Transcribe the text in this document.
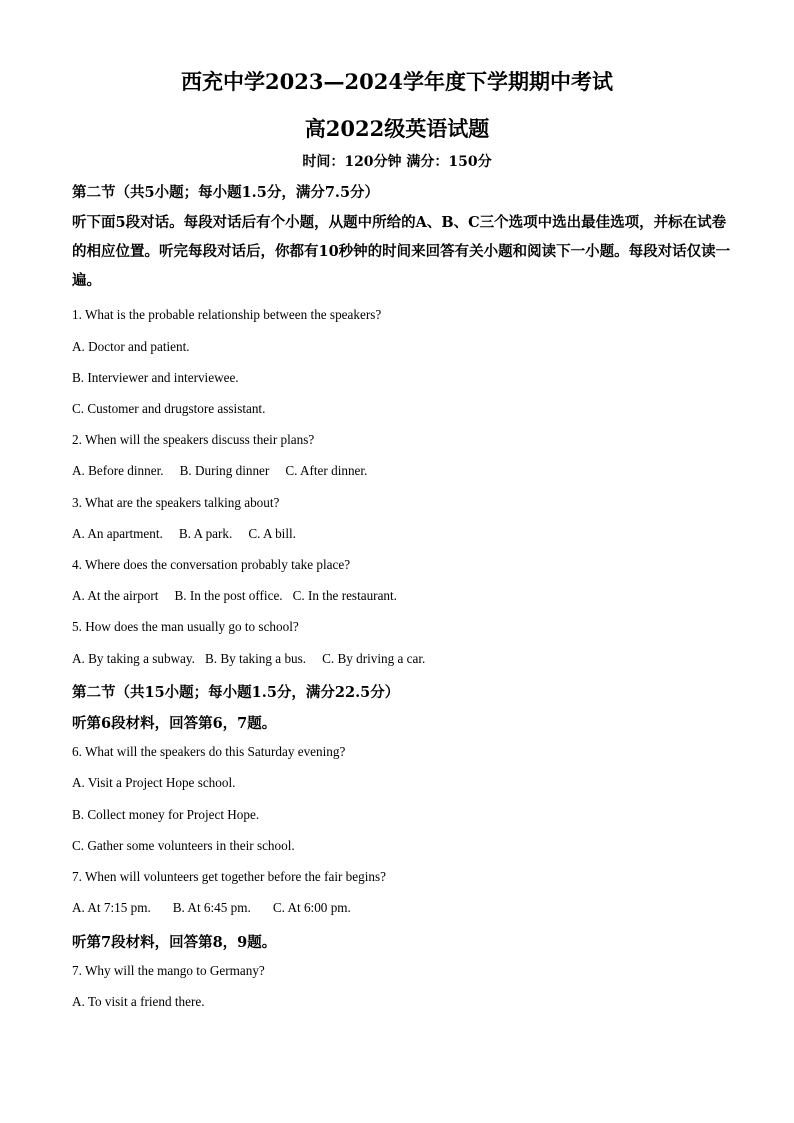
西充中学2023—2024学年度下学期期中考试
高2022级英语试题
时间：120分钟 满分：150分
第二节（共5小题；每小题1.5分，满分7.5分）
听下面5段对话。每段对话后有个小题，从题中所给的A、B、C三个选项中选出最佳选项，并标在试卷的相应位置。听完每段对话后，你都有10秒钟的时间来回答有关小题和阅读下一小题。每段对话仅读一遍。
1. What is the probable relationship between the speakers?
A. Doctor and patient.
B. Interviewer and interviewee.
C. Customer and drugstore assistant.
2. When will the speakers discuss their plans?
A. Before dinner. B. During dinner C. After dinner.
3. What are the speakers talking about?
A. An apartment. B. A park. C. A bill.
4. Where does the conversation probably take place?
A. At the airport B. In the post office. C. In the restaurant.
5. How does the man usually go to school?
A. By taking a subway. B. By taking a bus. C. By driving a car.
第二节（共15小题；每小题1.5分，满分22.5分）
听第6段材料，回答第6，7题。
6. What will the speakers do this Saturday evening?
A. Visit a Project Hope school.
B. Collect money for Project Hope.
C. Gather some volunteers in their school.
7. When will volunteers get together before the fair begins?
A. At 7:15 pm. B. At 6:45 pm. C. At 6:00 pm.
听第7段材料，回答第8，9题。
7. Why will the mango to Germany?
A. To visit a friend there.
